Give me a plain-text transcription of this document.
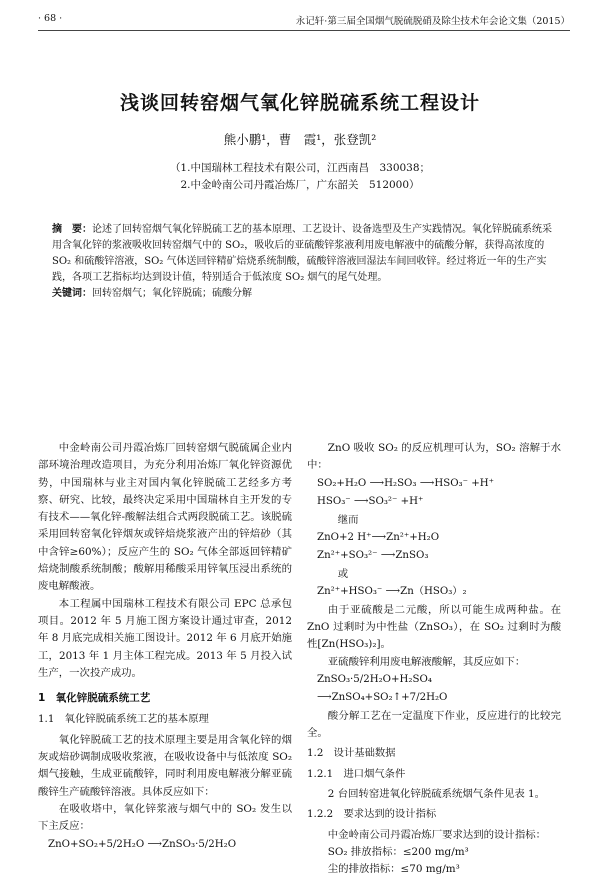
· 68 ·	永记轩·第三届全国烟气脱硫脱硝及除尘技术年会论文集（2015）
浅谈回转窑烟气氧化锌脱硫系统工程设计
熊小鹏¹，曹　霞¹，张登凯²
（1.中国瑞林工程技术有限公司，江西南昌　330038；
2.中金岭南公司丹霞冶炼厂，广东韶关　512000）

摘　要：论述了回转窑烟气氧化锌脱硫工艺的基本原理、工艺设计、设备选型及生产实践情况。氧化锌脱硫系统采用含氧化锌的浆液吸收回转窑烟气中的 SO₂，吸收后的亚硫酸锌浆液利用废电解液中的硫酸分解，获得高浓度的 SO₂ 和硫酸锌溶液，SO₂ 气体送回锌精矿焙烧系统制酸，硫酸锌溶液回湿法车间回收锌。经过将近一年的生产实践，各项工艺指标均达到设计值，特别适合于低浓度 SO₂ 烟气的尾气处理。

关键词：回转窑烟气；氧化锌脱硫；硫酸分解

中金岭南公司丹霞冶炼厂回转窑烟气脱硫属企业内部环境治理改造项目，为充分利用冶炼厂氧化锌资源优势，中国瑞林与业主对国内氧化锌脱硫工艺经多方考察、研究、比较，最终决定采用中国瑞林自主开发的专有技术——氧化锌-酸解法组合式两段脱硫工艺。该脱硫采用回转窑氧化锌烟灰或锌焙烧浆液产出的锌焙砂（其中含锌≥60%）；反应产生的 SO₂ 气体全部返回锌精矿焙烧制酸系统制酸；酸解用稀酸采用锌氧压浸出系统的废电解酸液。

本工程属中国瑞林工程技术有限公司 EPC 总承包项目。2012 年 5 月施工图方案设计通过审查，2012 年 8 月底完成相关施工图设计。2012 年 6 月底开始施工，2013 年 1 月主体工程完成。2013 年 5 月投入试生产，一次投产成功。

1　氧化锌脱硫系统工艺
1.1　氧化锌脱硫系统工艺的基本原理

氧化锌脱硫工艺的技术原理主要是用含氧化锌的烟灰或焙砂调制成吸收浆液，在吸收设备中与低浓度 SO₂ 烟气接触，生成亚硫酸锌，同时利用废电解液分解亚硫酸锌生产硫酸锌溶液。具体反应如下：

在吸收塔中，氧化锌浆液与烟气中的 SO₂ 发生以下主反应：

ZnO+SO₂+5/2H₂O ⟶ZnSO₃·5/2H₂O

ZnO 吸收 SO₂ 的反应机理可认为，SO₂ 溶解于水中：

SO₂+H₂O ⟶H₂SO₃ ⟶HSO₃⁻ +H⁺
HSO₃⁻ ⟶SO₃²⁻ +H⁺

继而

ZnO+2 H⁺⟶Zn²⁺+H₂O
Zn²⁺+SO₃²⁻ ⟶ZnSO₃

或

Zn²⁺+HSO₃⁻ ⟶Zn（HSO₃）₂

由于亚硫酸是二元酸，所以可能生成两种盐。在 ZnO 过剩时为中性盐（ZnSO₃），在 SO₂ 过剩时为酸性[Zn(HSO₃)₂]。

亚硫酸锌利用废电解液酸解，其反应如下：

ZnSO₃·5/2H₂O+H₂SO₄ ⟶ZnSO₄+SO₂↑+7/2H₂O

酸分解工艺在一定温度下作业，反应进行的比较完全。

1.2　设计基础数据
1.2.1　进口烟气条件

2 台回转窑进氧化锌脱硫系统烟气条件见表 1。

1.2.2　要求达到的设计指标

中金岭南公司丹霞冶炼厂要求达到的设计指标：

SO₂ 排放指标：≤200 mg/m³

尘的排放指标：≤70 mg/m³
